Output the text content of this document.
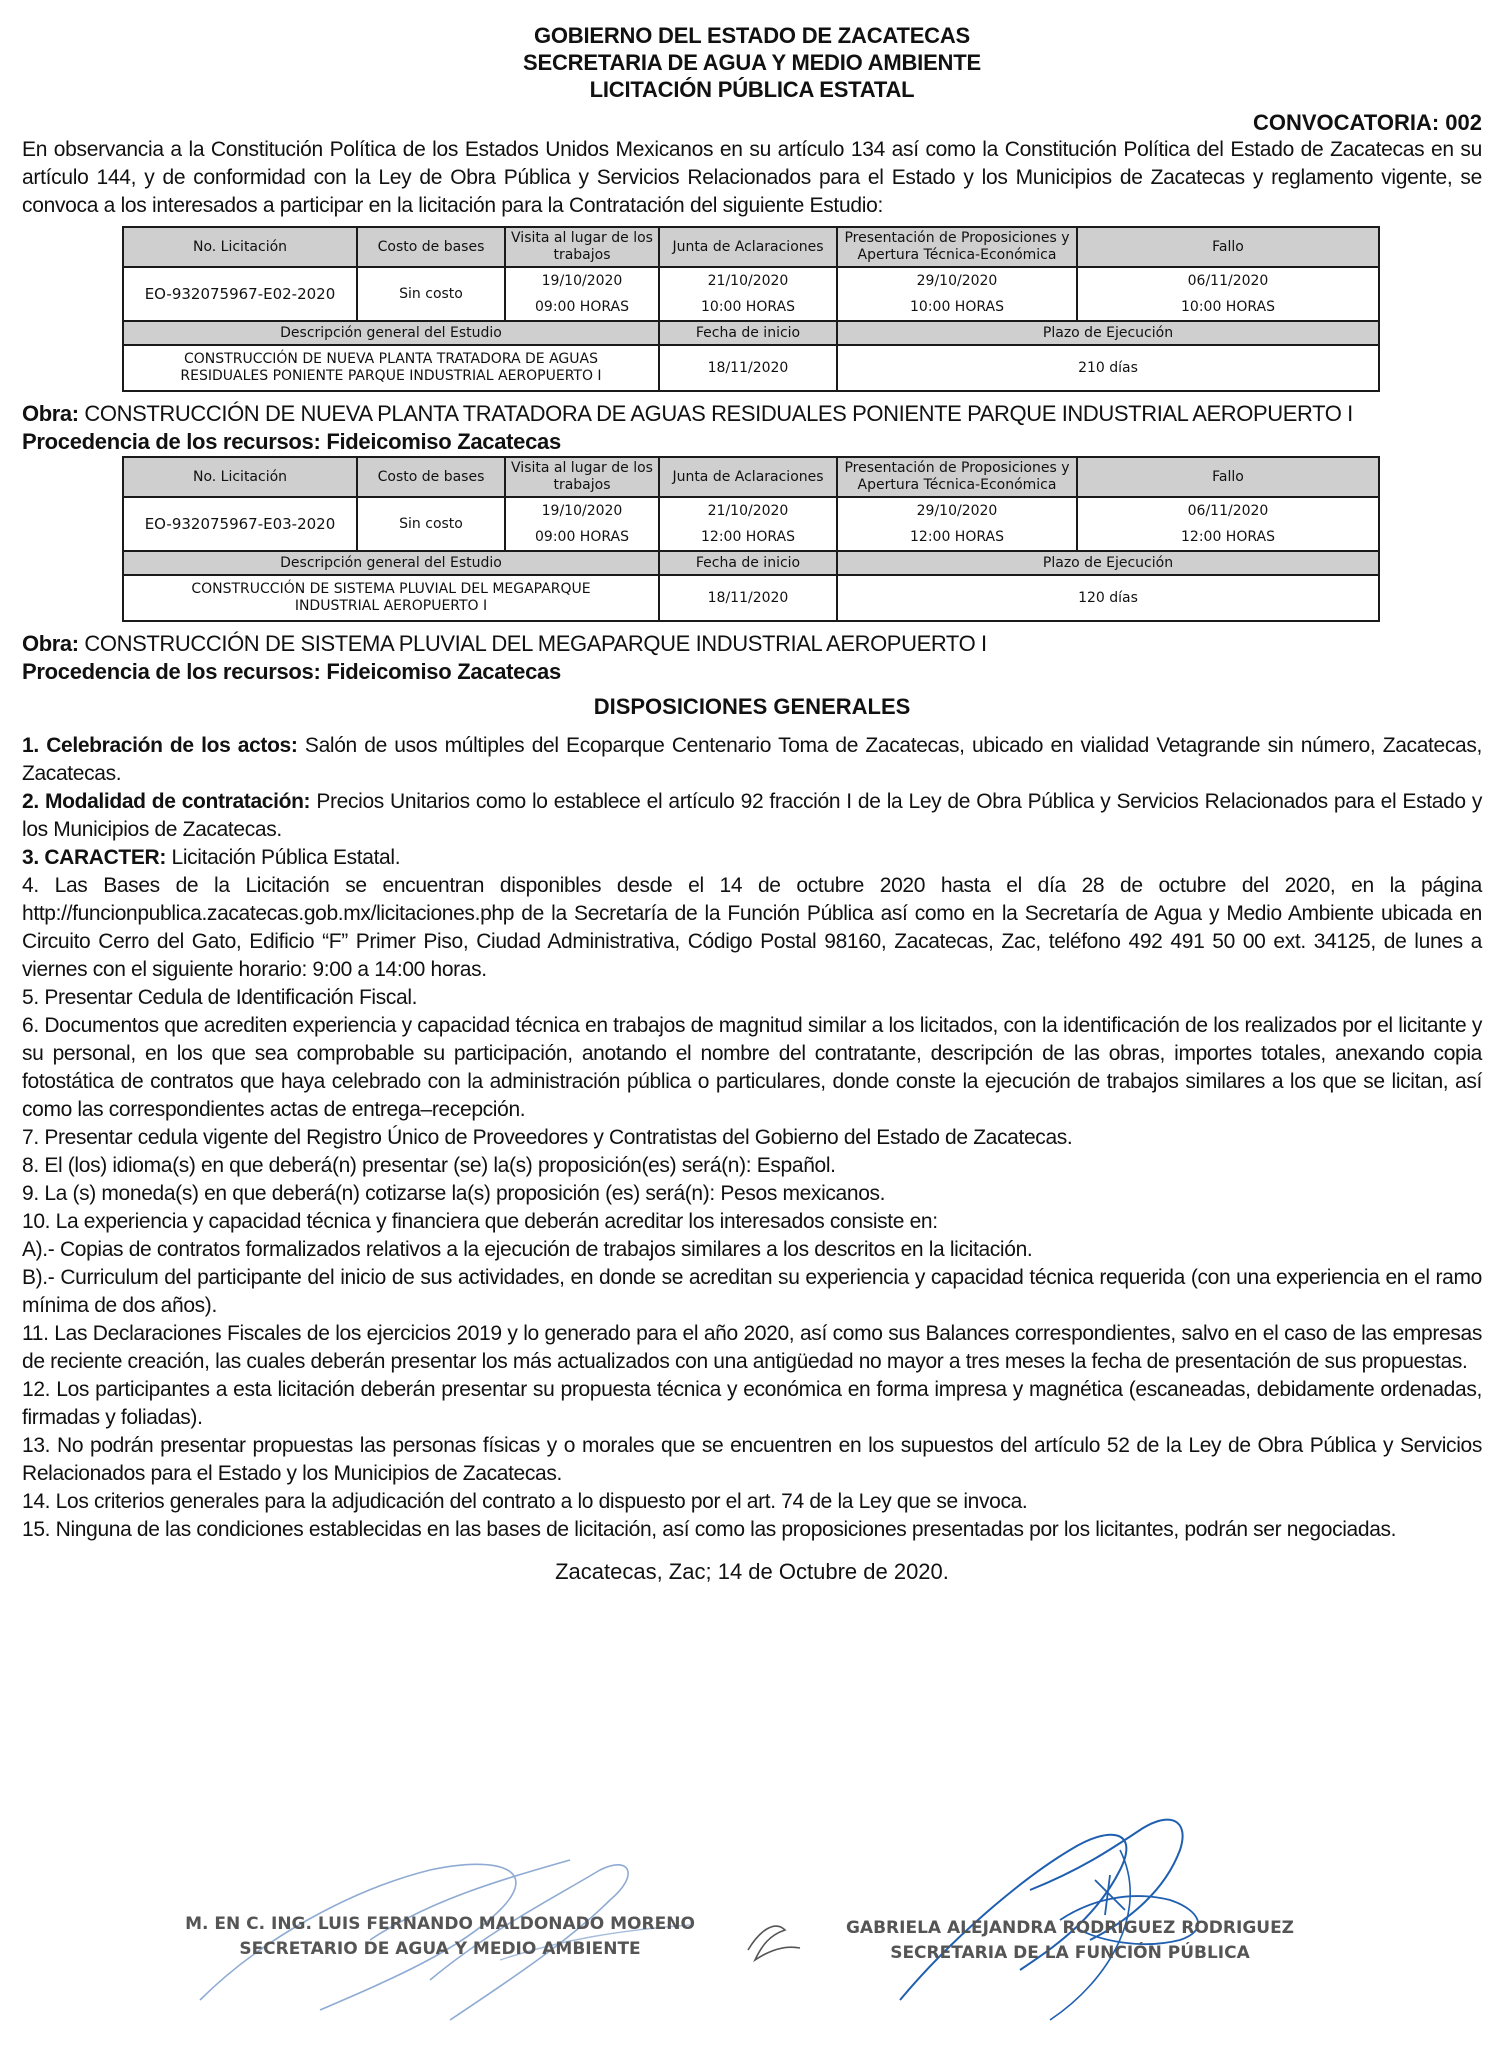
GOBIERNO DEL ESTADO DE ZACATECAS
SECRETARIA DE AGUA Y MEDIO AMBIENTE
LICITACIÓN PÚBLICA ESTATAL
CONVOCATORIA: 002
En observancia a la Constitución Política de los Estados Unidos Mexicanos en su artículo 134 así como la Constitución Política del Estado de Zacatecas en su artículo 144, y de conformidad con la Ley de Obra Pública y Servicios Relacionados para el Estado y los Municipios de Zacatecas y reglamento vigente, se convoca a los interesados a participar en la licitación para la Contratación del siguiente Estudio:
No. Licitación	Costo de bases	Visita al lugar de los trabajos	Junta de Aclaraciones	Presentación de Proposiciones y Apertura Técnica-Económica	Fallo
EO-932075967-E02-2020	Sin costo	19/10/2020	21/10/2020	29/10/2020	06/11/2020
		09:00 HORAS	10:00 HORAS	10:00 HORAS	10:00 HORAS
Descripción general del Estudio			Fecha de inicio	Plazo de Ejecución	
CONSTRUCCIÓN DE NUEVA PLANTA TRATADORA DE AGUAS RESIDUALES PONIENTE PARQUE INDUSTRIAL AEROPUERTO I			18/11/2020	210 días	
Obra: CONSTRUCCIÓN DE NUEVA PLANTA TRATADORA DE AGUAS RESIDUALES PONIENTE PARQUE INDUSTRIAL AEROPUERTO I
Procedencia de los recursos: Fideicomiso Zacatecas
No. Licitación	Costo de bases	Visita al lugar de los trabajos	Junta de Aclaraciones	Presentación de Proposiciones y Apertura Técnica-Económica	Fallo
EO-932075967-E03-2020	Sin costo	19/10/2020	21/10/2020	29/10/2020	06/11/2020
		09:00 HORAS	12:00 HORAS	12:00 HORAS	12:00 HORAS
Descripción general del Estudio			Fecha de inicio	Plazo de Ejecución	
CONSTRUCCIÓN DE SISTEMA PLUVIAL DEL MEGAPARQUE INDUSTRIAL AEROPUERTO I			18/11/2020	120 días	
Obra: CONSTRUCCIÓN DE SISTEMA PLUVIAL DEL MEGAPARQUE INDUSTRIAL AEROPUERTO I
Procedencia de los recursos: Fideicomiso Zacatecas
DISPOSICIONES GENERALES

1. Celebración de los actos: Salón de usos múltiples del Ecoparque Centenario Toma de Zacatecas, ubicado en vialidad Vetagrande sin número, Zacatecas, Zacatecas.

2. Modalidad de contratación: Precios Unitarios como lo establece el artículo 92 fracción I de la Ley de Obra Pública y Servicios Relacionados para el Estado y los Municipios de Zacatecas.

3. CARACTER: Licitación Pública Estatal.

4. Las Bases de la Licitación se encuentran disponibles desde el 14 de octubre 2020 hasta el día 28 de octubre del 2020, en la página http://funcionpublica.zacatecas.gob.mx/licitaciones.php de la Secretaría de la Función Pública así como en la Secretaría de Agua y Medio Ambiente ubicada en Circuito Cerro del Gato, Edificio “F” Primer Piso, Ciudad Administrativa, Código Postal 98160, Zacatecas, Zac, teléfono 492 491 50 00 ext. 34125, de lunes a viernes con el siguiente horario: 9:00 a 14:00 horas.

5. Presentar Cedula de Identificación Fiscal.

6. Documentos que acrediten experiencia y capacidad técnica en trabajos de magnitud similar a los licitados, con la identificación de los realizados por el licitante y su personal, en los que sea comprobable su participación, anotando el nombre del contratante, descripción de las obras, importes totales, anexando copia fotostática de contratos que haya celebrado con la administración pública o particulares, donde conste la ejecución de trabajos similares a los que se licitan, así como las correspondientes actas de entrega–recepción.

7. Presentar cedula vigente del Registro Único de Proveedores y Contratistas del Gobierno del Estado de Zacatecas.

8. El (los) idioma(s) en que deberá(n) presentar (se) la(s) proposición(es) será(n): Español.

9. La (s) moneda(s) en que deberá(n) cotizarse la(s) proposición (es) será(n): Pesos mexicanos.

10. La experiencia y capacidad técnica y financiera que deberán acreditar los interesados consiste en:

A).- Copias de contratos formalizados relativos a la ejecución de trabajos similares a los descritos en la licitación.

B).- Curriculum del participante del inicio de sus actividades, en donde se acreditan su experiencia y capacidad técnica requerida (con una experiencia en el ramo mínima de dos años).

11. Las Declaraciones Fiscales de los ejercicios 2019 y lo generado para el año 2020, así como sus Balances correspondientes, salvo en el caso de las empresas de reciente creación, las cuales deberán presentar los más actualizados con una antigüedad no mayor a tres meses la fecha de presentación de sus propuestas.

12. Los participantes a esta licitación deberán presentar su propuesta técnica y económica en forma impresa y magnética (escaneadas, debidamente ordenadas, firmadas y foliadas).

13. No podrán presentar propuestas las personas físicas y o morales que se encuentren en los supuestos del artículo 52 de la Ley de Obra Pública y Servicios Relacionados para el Estado y los Municipios de Zacatecas.

14. Los criterios generales para la adjudicación del contrato a lo dispuesto por el art. 74 de la Ley que se invoca.

15. Ninguna de las condiciones establecidas en las bases de licitación, así como las proposiciones presentadas por los licitantes, podrán ser negociadas.

Zacatecas, Zac; 14 de Octubre de 2020.
M. EN C. ING. LUIS FERNANDO MALDONADO MORENO
SECRETARIO DE AGUA Y MEDIO AMBIENTE
GABRIELA ALEJANDRA RODRIGUEZ RODRIGUEZ
SECRETARIA DE LA FUNCIÓN PÚBLICA
